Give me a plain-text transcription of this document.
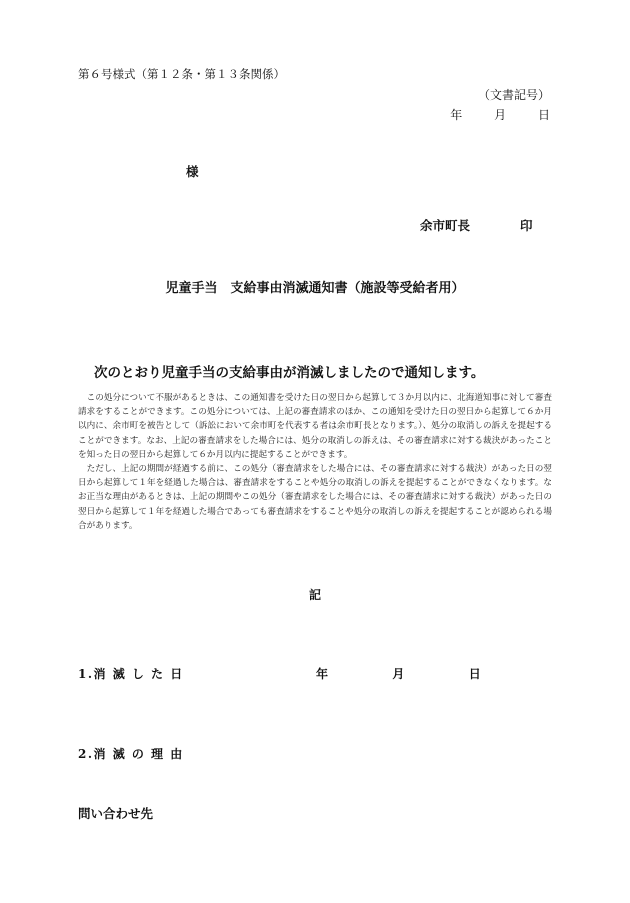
第６号様式（第１２条・第１３条関係）
（文書記号）
年	月	日
様
余市町長	印
児童手当　支給事由消滅通知書（施設等受給者用）
次のとおり児童手当の支給事由が消滅しましたので通知します。

この処分について不服があるときは、この通知書を受けた日の翌日から起算して３か月以内に、北海道知事に対して審査請求をすることができます。この処分については、上記の審査請求のほか、この通知を受けた日の翌日から起算して６か月以内に、余市町を被告として（訴訟において余市町を代表する者は余市町長となります。）、処分の取消しの訴えを提起することができます。なお、上記の審査請求をした場合には、処分の取消しの訴えは、その審査請求に対する裁決があったことを知った日の翌日から起算して６か月以内に提起することができます。

ただし、上記の期間が経過する前に、この処分（審査請求をした場合には、その審査請求に対する裁決）があった日の翌日から起算して１年を経過した場合は、審査請求をすることや処分の取消しの訴えを提起することができなくなります。なお正当な理由があるときは、上記の期間やこの処分（審査請求をした場合には、その審査請求に対する裁決）があった日の翌日から起算して１年を経過した場合であっても審査請求をすることや処分の取消しの訴えを提起することが認められる場合があります。

記
1.消 滅 し た 日	年	月	日
2.消 滅 の 理 由
問い合わせ先
